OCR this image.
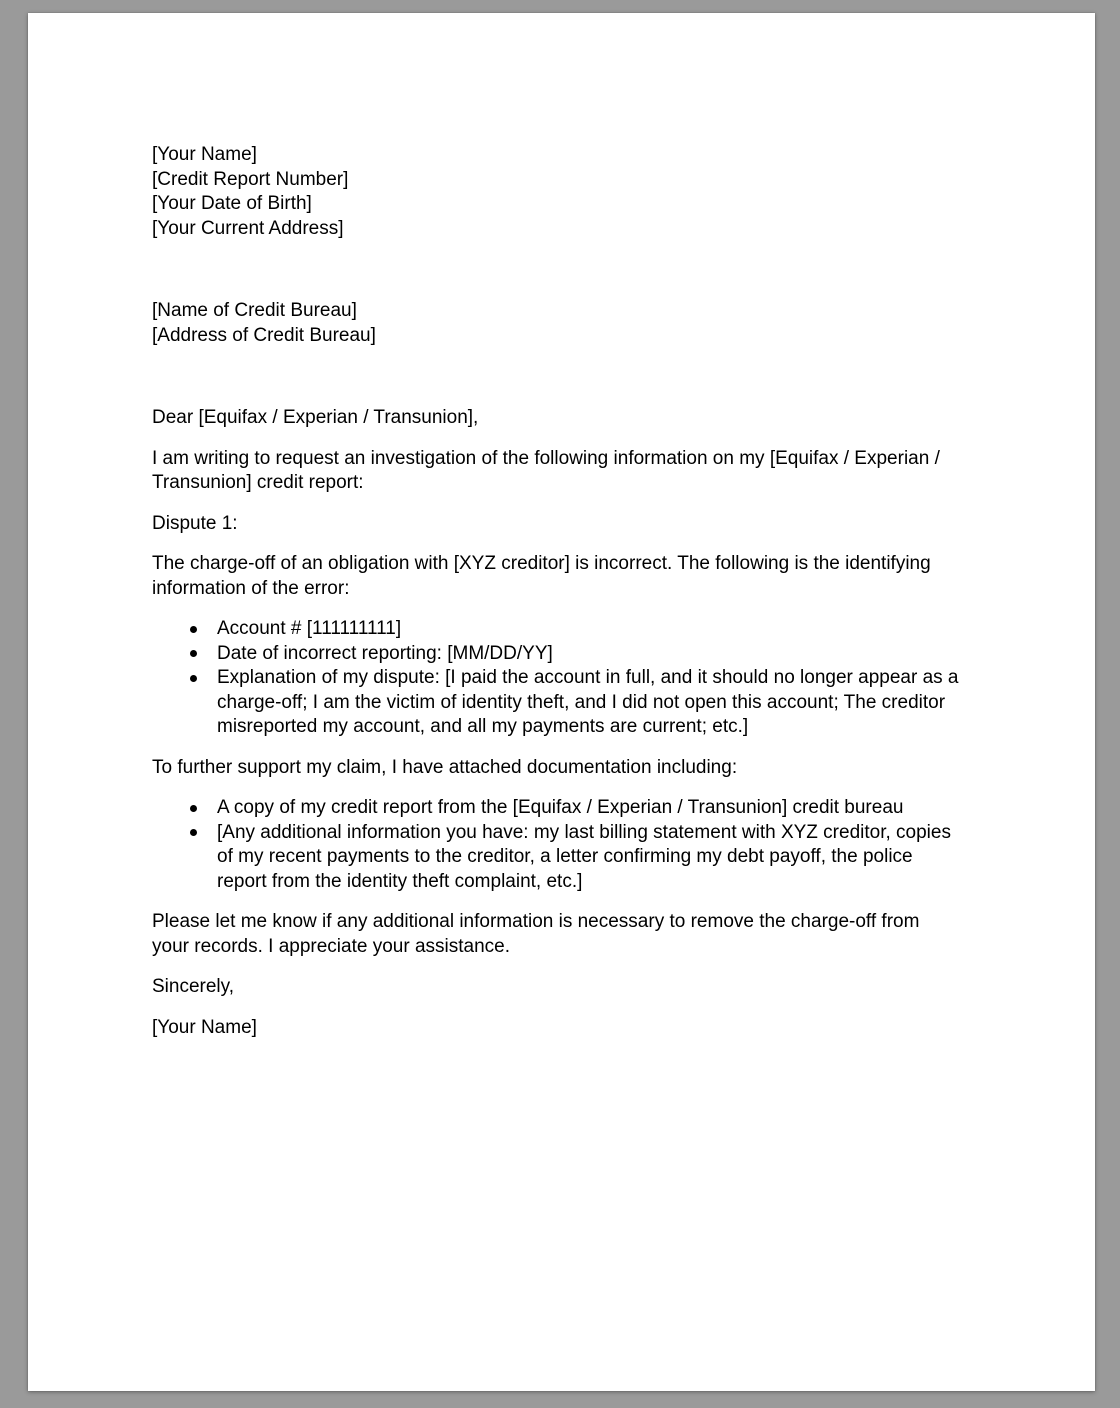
[Your Name]

[Credit Report Number]

[Your Date of Birth]

[Your Current Address]

[Name of Credit Bureau]

[Address of Credit Bureau]

Dear [Equifax / Experian / Transunion],

I am writing to request an investigation of the following information on my [Equifax / Experian / Transunion] credit report:

Dispute 1:

The charge-off of an obligation with [XYZ creditor] is incorrect. The following is the identifying information of the error:

Account # [111111111]
Date of incorrect reporting: [MM/DD/YY]
Explanation of my dispute: [I paid the account in full, and it should no longer appear as a charge-off; I am the victim of identity theft, and I did not open this account; The creditor misreported my account, and all my payments are current; etc.]

To further support my claim, I have attached documentation including:

A copy of my credit report from the [Equifax / Experian / Transunion] credit bureau
[Any additional information you have: my last billing statement with XYZ creditor, copies of my recent payments to the creditor, a letter confirming my debt payoff, the police report from the identity theft complaint, etc.]

Please let me know if any additional information is necessary to remove the charge-off from your records. I appreciate your assistance.

Sincerely,

[Your Name]
